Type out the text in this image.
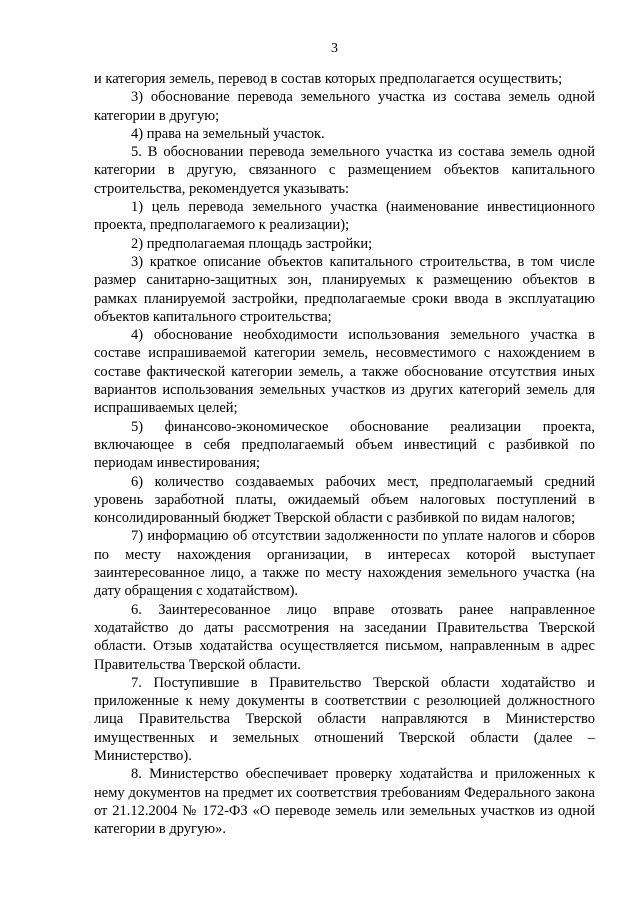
3

и категория земель, перевод в состав которых предполагается осуществить;

3) обоснование перевода земельного участка из состава земель одной категории в другую;

4) права на земельный участок.

5. В обосновании перевода земельного участка из состава земель одной категории в другую, связанного с размещением объектов капитального строительства, рекомендуется указывать:

1) цель перевода земельного участка (наименование инвестиционного проекта, предполагаемого к реализации);

2) предполагаемая площадь застройки;

3) краткое описание объектов капитального строительства, в том числе размер санитарно-защитных зон, планируемых к размещению объектов в рамках планируемой застройки, предполагаемые сроки ввода в эксплуатацию объектов капитального строительства;

4) обоснование необходимости использования земельного участка в составе испрашиваемой категории земель, несовместимого с нахождением в составе фактической категории земель, а также обоснование отсутствия иных вариантов использования земельных участков из других категорий земель для испрашиваемых целей;

5) финансово-экономическое обоснование реализации проекта, включающее в себя предполагаемый объем инвестиций с разбивкой по периодам инвестирования;

6) количество создаваемых рабочих мест, предполагаемый средний уровень заработной платы, ожидаемый объем налоговых поступлений в консолидированный бюджет Тверской области с разбивкой по видам налогов;

7) информацию об отсутствии задолженности по уплате налогов и сборов по месту нахождения организации, в интересах которой выступает заинтересованное лицо, а также по месту нахождения земельного участка (на дату обращения с ходатайством).

6. Заинтересованное лицо вправе отозвать ранее направленное ходатайство до даты рассмотрения на заседании Правительства Тверской области. Отзыв ходатайства осуществляется письмом, направленным в адрес Правительства Тверской области.

7. Поступившие в Правительство Тверской области ходатайство и приложенные к нему документы в соответствии с резолюцией должностного лица Правительства Тверской области направляются в Министерство имущественных и земельных отношений Тверской области (далее – Министерство).

8. Министерство обеспечивает проверку ходатайства и приложенных к нему документов на предмет их соответствия требованиям Федерального закона от 21.12.2004 № 172-ФЗ «О переводе земель или земельных участков из одной категории в другую».
